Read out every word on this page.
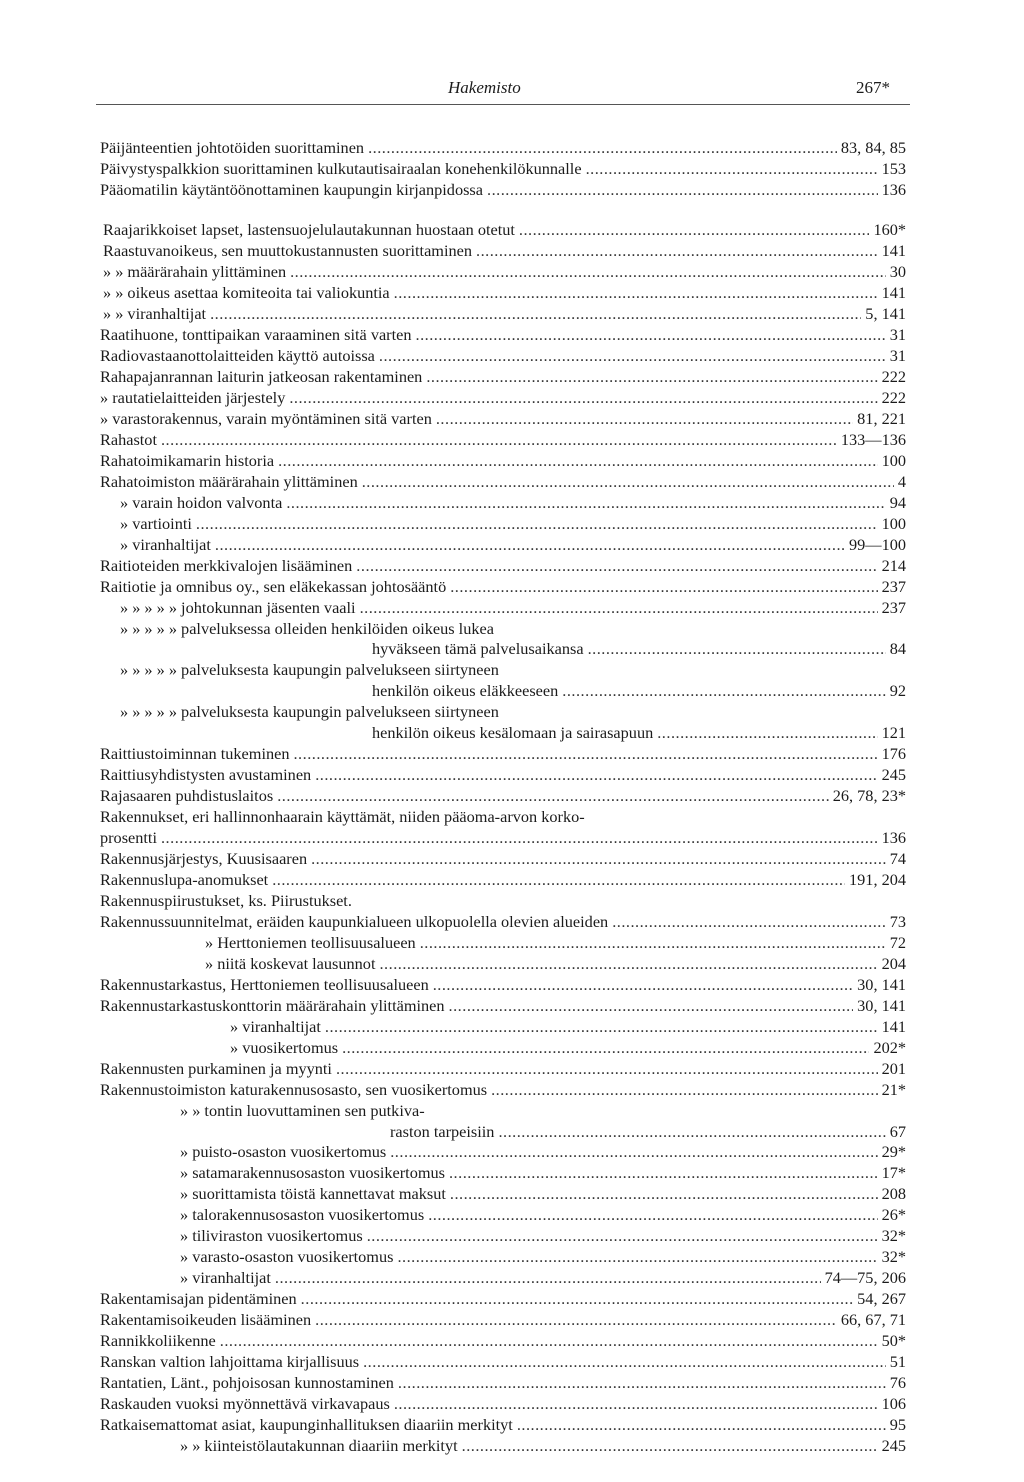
Hakemisto	267*
Päijänteentien johtotöiden suorittaminen	83, 84, 85
.....
Päivystyspalkkion suorittaminen kulkutautisairaalan konehenkilökunnalle	153
.....
Pääomatilin käytäntöönottaminen kaupungin kirjanpidossa	136
.....
Raajarikkoiset lapset, lastensuojelulautakunnan huostaan otetut	160*
.....
Raastuvanoikeus, sen muuttokustannusten suorittaminen	141
.....
» » määrärahain ylittäminen	30
.....
» » oikeus asettaa komiteoita tai valiokuntia	141
.....
» » viranhaltijat	5, 141
.....
Raatihuone, tonttipaikan varaaminen sitä varten	31
.....
Radiovastaanottolaitteiden käyttö autoissa	31
.....
Rahapajanrannan laiturin jatkeosan rakentaminen	222
.....
» rautatielaitteiden järjestely	222
.....
» varastorakennus, varain myöntäminen sitä varten	81, 221
.....
Rahastot	133—136
.....
Rahatoimikamarin historia	100
.....
Rahatoimiston määrärahain ylittäminen	4
.....
» varain hoidon valvonta	94
.....
» vartiointi	100
.....
» viranhaltijat	99—100
.....
Raitioteiden merkkivalojen lisääminen	214
.....
Raitiotie ja omnibus oy., sen eläkekassan johtosääntö	237
.....
» » » » » johtokunnan jäsenten vaali	237
.....
» » » » » palveluksessa olleiden henkilöiden oikeus lukea
hyväkseen tämä palvelusaikansa	84
.....
» » » » » palveluksesta kaupungin palvelukseen siirtyneen
henkilön oikeus eläkkeeseen	92
.....
» » » » » palveluksesta kaupungin palvelukseen siirtyneen
henkilön oikeus kesälomaan ja sairasapuun	121
.....
Raittiustoiminnan tukeminen	176
.....
Raittiusyhdistysten avustaminen	245
.....
Rajasaaren puhdistuslaitos	26, 78, 23*
.....
Rakennukset, eri hallinnonhaarain käyttämät, niiden pääoma-arvon korko-
prosentti	136
.....
Rakennusjärjestys, Kuusisaaren	74
.....
Rakennuslupa-anomukset	191, 204
.....
Rakennuspiirustukset, ks. Piirustukset.
Rakennussuunnitelmat, eräiden kaupunkialueen ulkopuolella olevien alueiden	73
.....
» Herttoniemen teollisuusalueen	72
.....
» niitä koskevat lausunnot	204
.....
Rakennustarkastus, Herttoniemen teollisuusalueen	30, 141
.....
Rakennustarkastuskonttorin määrärahain ylittäminen	30, 141
.....
» viranhaltijat	141
.....
» vuosikertomus	202*
.....
Rakennusten purkaminen ja myynti	201
.....
Rakennustoimiston katurakennusosasto, sen vuosikertomus	21*
.....
» » tontin luovuttaminen sen putkiva-
raston tarpeisiin	67
.....
» puisto-osaston vuosikertomus	29*
.....
» satamarakennusosaston vuosikertomus	17*
.....
» suorittamista töistä kannettavat maksut	208
.....
» talorakennusosaston vuosikertomus	26*
.....
» tiliviraston vuosikertomus	32*
.....
» varasto-osaston vuosikertomus	32*
.....
» viranhaltijat	74—75, 206
.....
Rakentamisajan pidentäminen	54, 267
.....
Rakentamisoikeuden lisääminen	66, 67, 71
.....
Rannikkoliikenne	50*
.....
Ranskan valtion lahjoittama kirjallisuus	51
.....
Rantatien, Länt., pohjoisosan kunnostaminen	76
.....
Raskauden vuoksi myönnettävä virkavapaus	106
.....
Ratkaisemattomat asiat, kaupunginhallituksen diaariin merkityt	95
.....
» » kiinteistölautakunnan diaariin merkityt	245
.....
